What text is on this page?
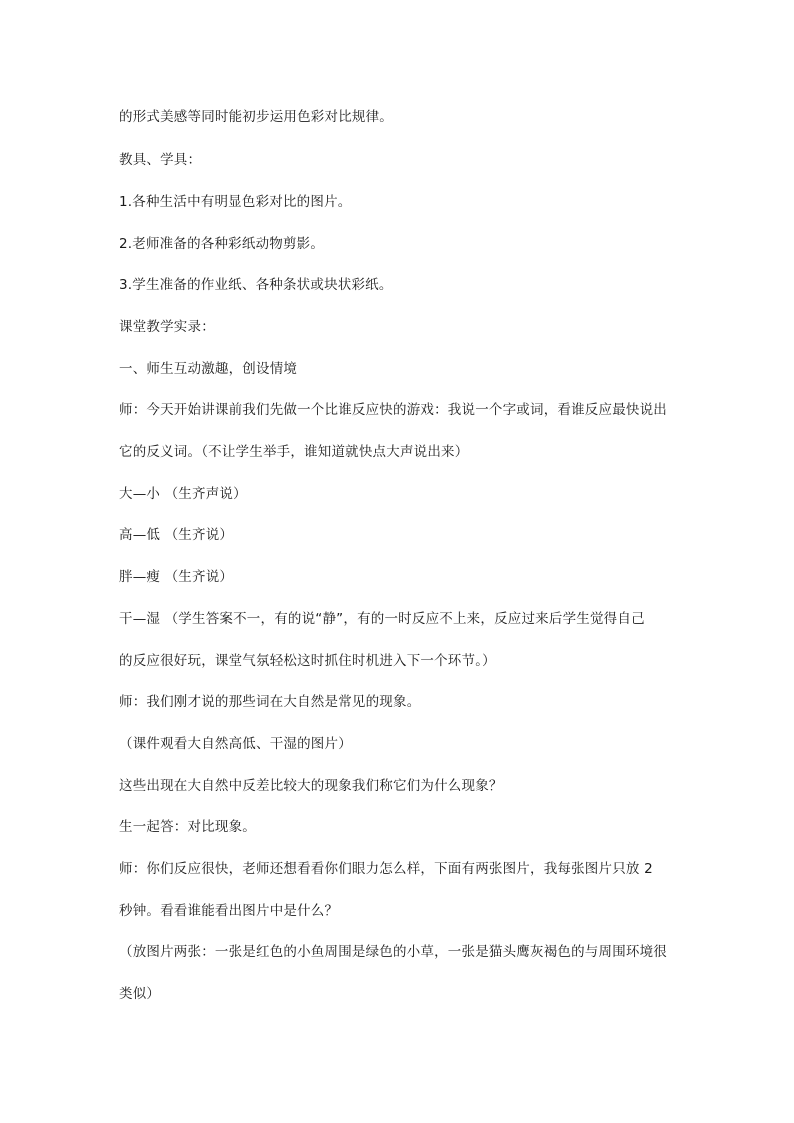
的形式美感等同时能初步运用色彩对比规律。
教具、学具：
1.各种生活中有明显色彩对比的图片。
2.老师准备的各种彩纸动物剪影。
3.学生准备的作业纸、各种条状或块状彩纸。
课堂教学实录：
一、师生互动激趣，创设情境
师：今天开始讲课前我们先做一个比谁反应快的游戏：我说一个字或词，看谁反应最快说出
它的反义词。（不让学生举手，谁知道就快点大声说出来）
大—小 （生齐声说）
高—低 （生齐说）
胖—瘦 （生齐说）
干—湿 （学生答案不一，有的说“静”，有的一时反应不上来，反应过来后学生觉得自己
的反应很好玩，课堂气氛轻松这时抓住时机进入下一个环节。）
师：我们刚才说的那些词在大自然是常见的现象。
（课件观看大自然高低、干湿的图片）
这些出现在大自然中反差比较大的现象我们称它们为什么现象？
生一起答：对比现象。
师：你们反应很快，老师还想看看你们眼力怎么样，下面有两张图片，我每张图片只放 2
秒钟。看看谁能看出图片中是什么？
（放图片两张：一张是红色的小鱼周围是绿色的小草，一张是猫头鹰灰褐色的与周围环境很
类似）
